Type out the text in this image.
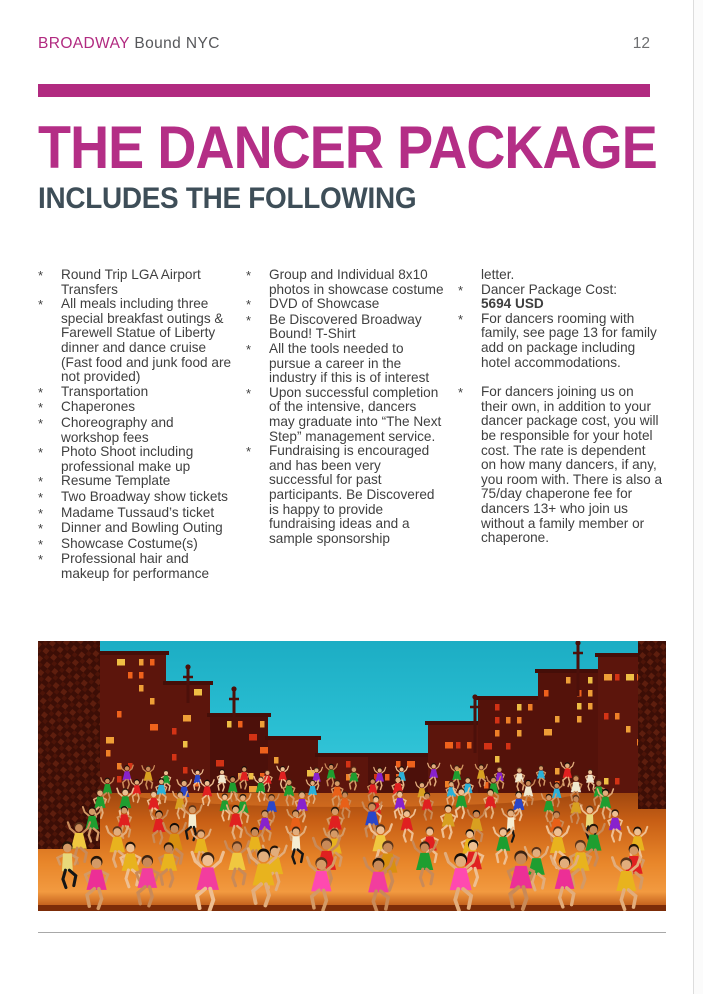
BROADWAY Bound NYC	12
THE DANCER PACKAGE
INCLUDES THE FOLLOWING
*	Round Trip LGA Airport Transfers
*	All meals including three special breakfast outings & Farewell Statue of Liberty dinner and dance cruise (Fast food and junk food are not provided)
*	Transportation
*	Chaperones
*	Choreography and workshop fees
*	Photo Shoot including professional make up
*	Resume Template
*	Two Broadway show tickets
*	Madame Tussaud’s ticket
*	Dinner and Bowling Outing
*	Showcase Costume(s)
*	Professional hair and makeup for performance
*	Group and Individual 8x10 photos in showcase costume
*	DVD of Showcase
*	Be Discovered Broadway Bound! T-Shirt
*	All the tools needed to pursue a career in the industry if this is of interest
*	Upon successful completion of the intensive, dancers may graduate into “The Next Step” management service.
*	Fundraising is encouraged and has been very successful for past participants. Be Discovered is happy to provide fundraising ideas and a sample sponsorship
letter.
*	Dancer Package Cost: 5694 USD
*	For dancers rooming with family, see page 13 for family add on package including hotel accommodations.
*	For dancers joining us on their own, in addition to your dancer package cost, you will be responsible for your hotel cost. The rate is dependent on how many dancers, if any, you room with. There is also a 75/day chaperone fee for dancers 13+ who join us without a family member or chaperone.
